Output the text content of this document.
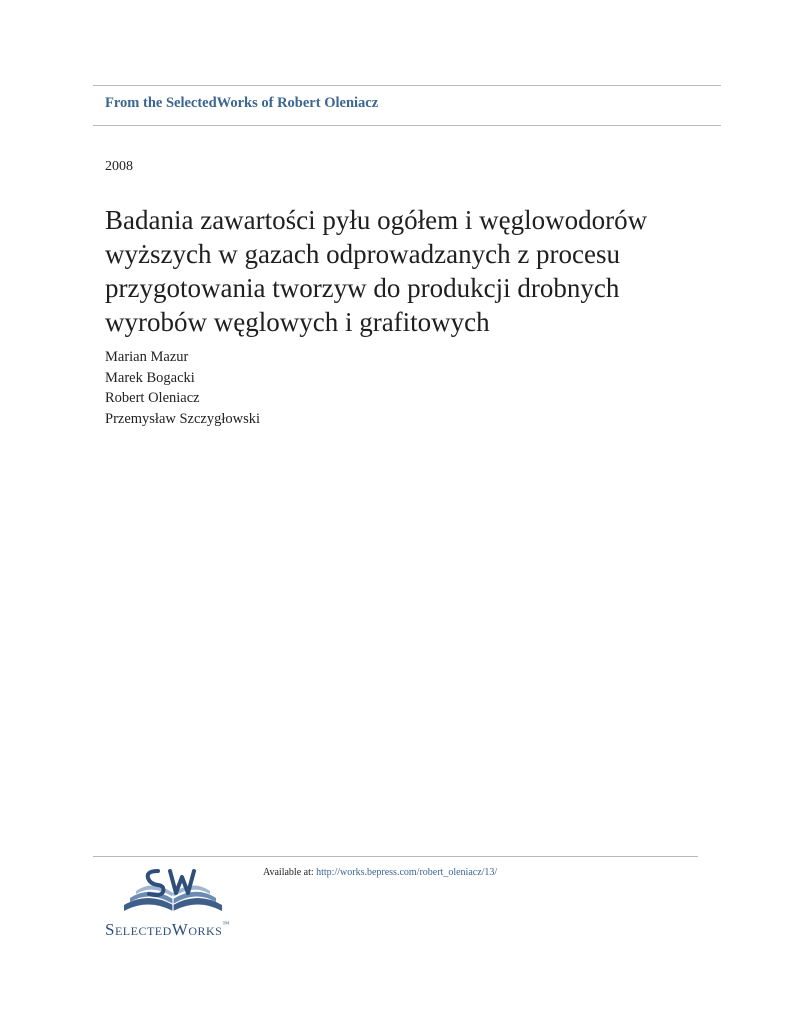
From the SelectedWorks of Robert Oleniacz
2008
Badania zawartości pyłu ogółem i węglowodorów wyższych w gazach odprowadzanych z procesu przygotowania tworzyw do produkcji drobnych wyrobów węglowych i grafitowych
Marian Mazur
Marek Bogacki
Robert Oleniacz
Przemysław Szczygłowski
SelectedWorks™
Available at: http://works.bepress.com/robert_oleniacz/13/
